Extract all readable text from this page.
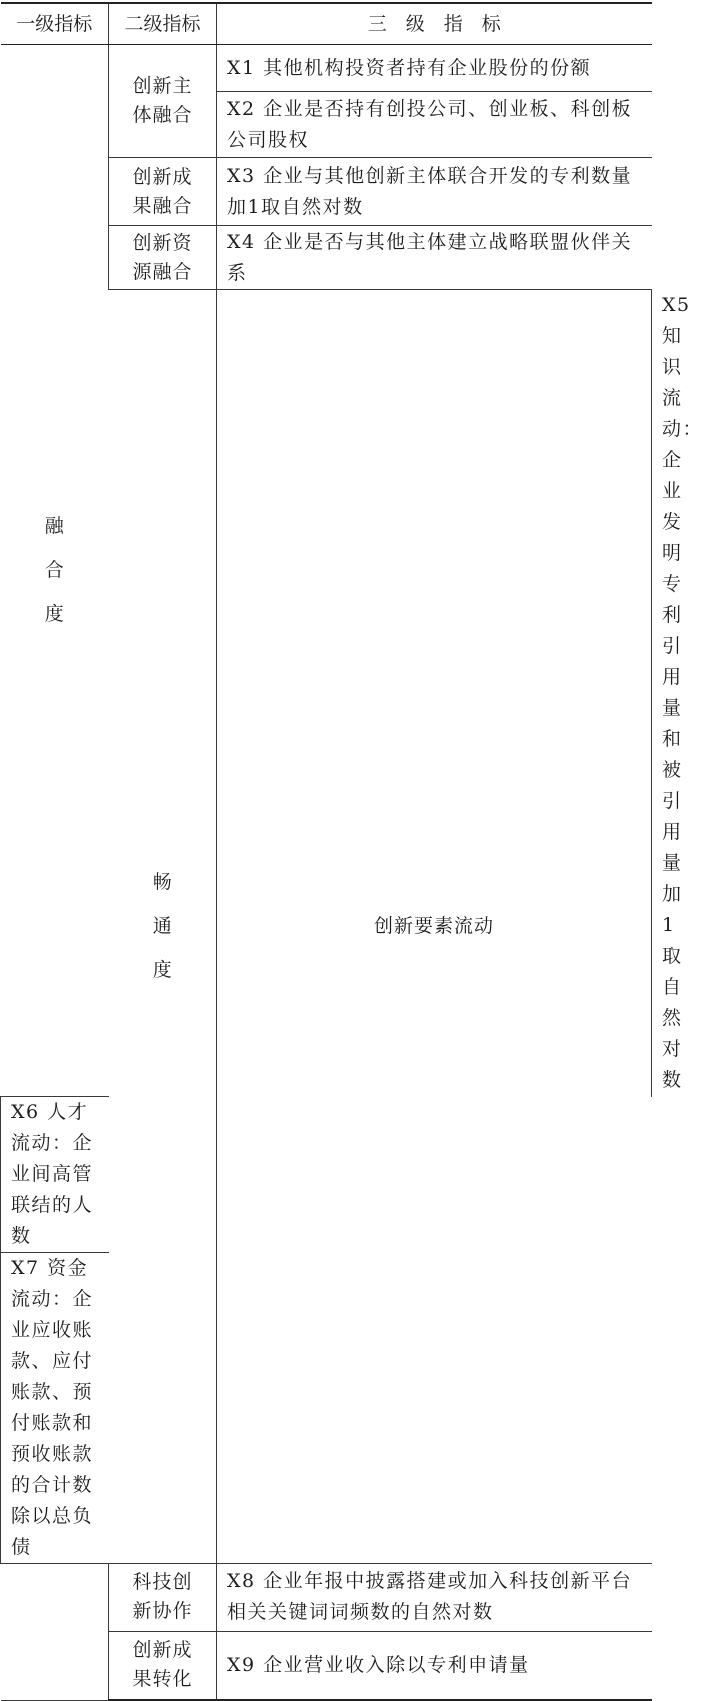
一级指标	二级指标	三　级　指　标	
融合度	创新主体融合	X1 其他机构投资者持有企业股份的份额	
		X2 企业是否持有创投公司、创业板、科创板公司股权	
	创新成果融合	X3 企业与其他创新主体联合开发的专利数量加1取自然对数	
	创新资源融合	X4 企业是否与其他主体建立战略联盟伙伴关系	
	畅通度	创新要素流动	X5 知识流动：企业发明专利引用量和被引用量加1取自然对数
X6 人才流动：企业间高管联结的人数			
X7 资金流动：企业应收账款、应付账款、预付账款和预收账款的合计数除以总负债			
	科技创新协作	X8 企业年报中披露搭建或加入科技创新平台相关关键词词频数的自然对数	
	创新成果转化	X9 企业营业收入除以专利申请量	
